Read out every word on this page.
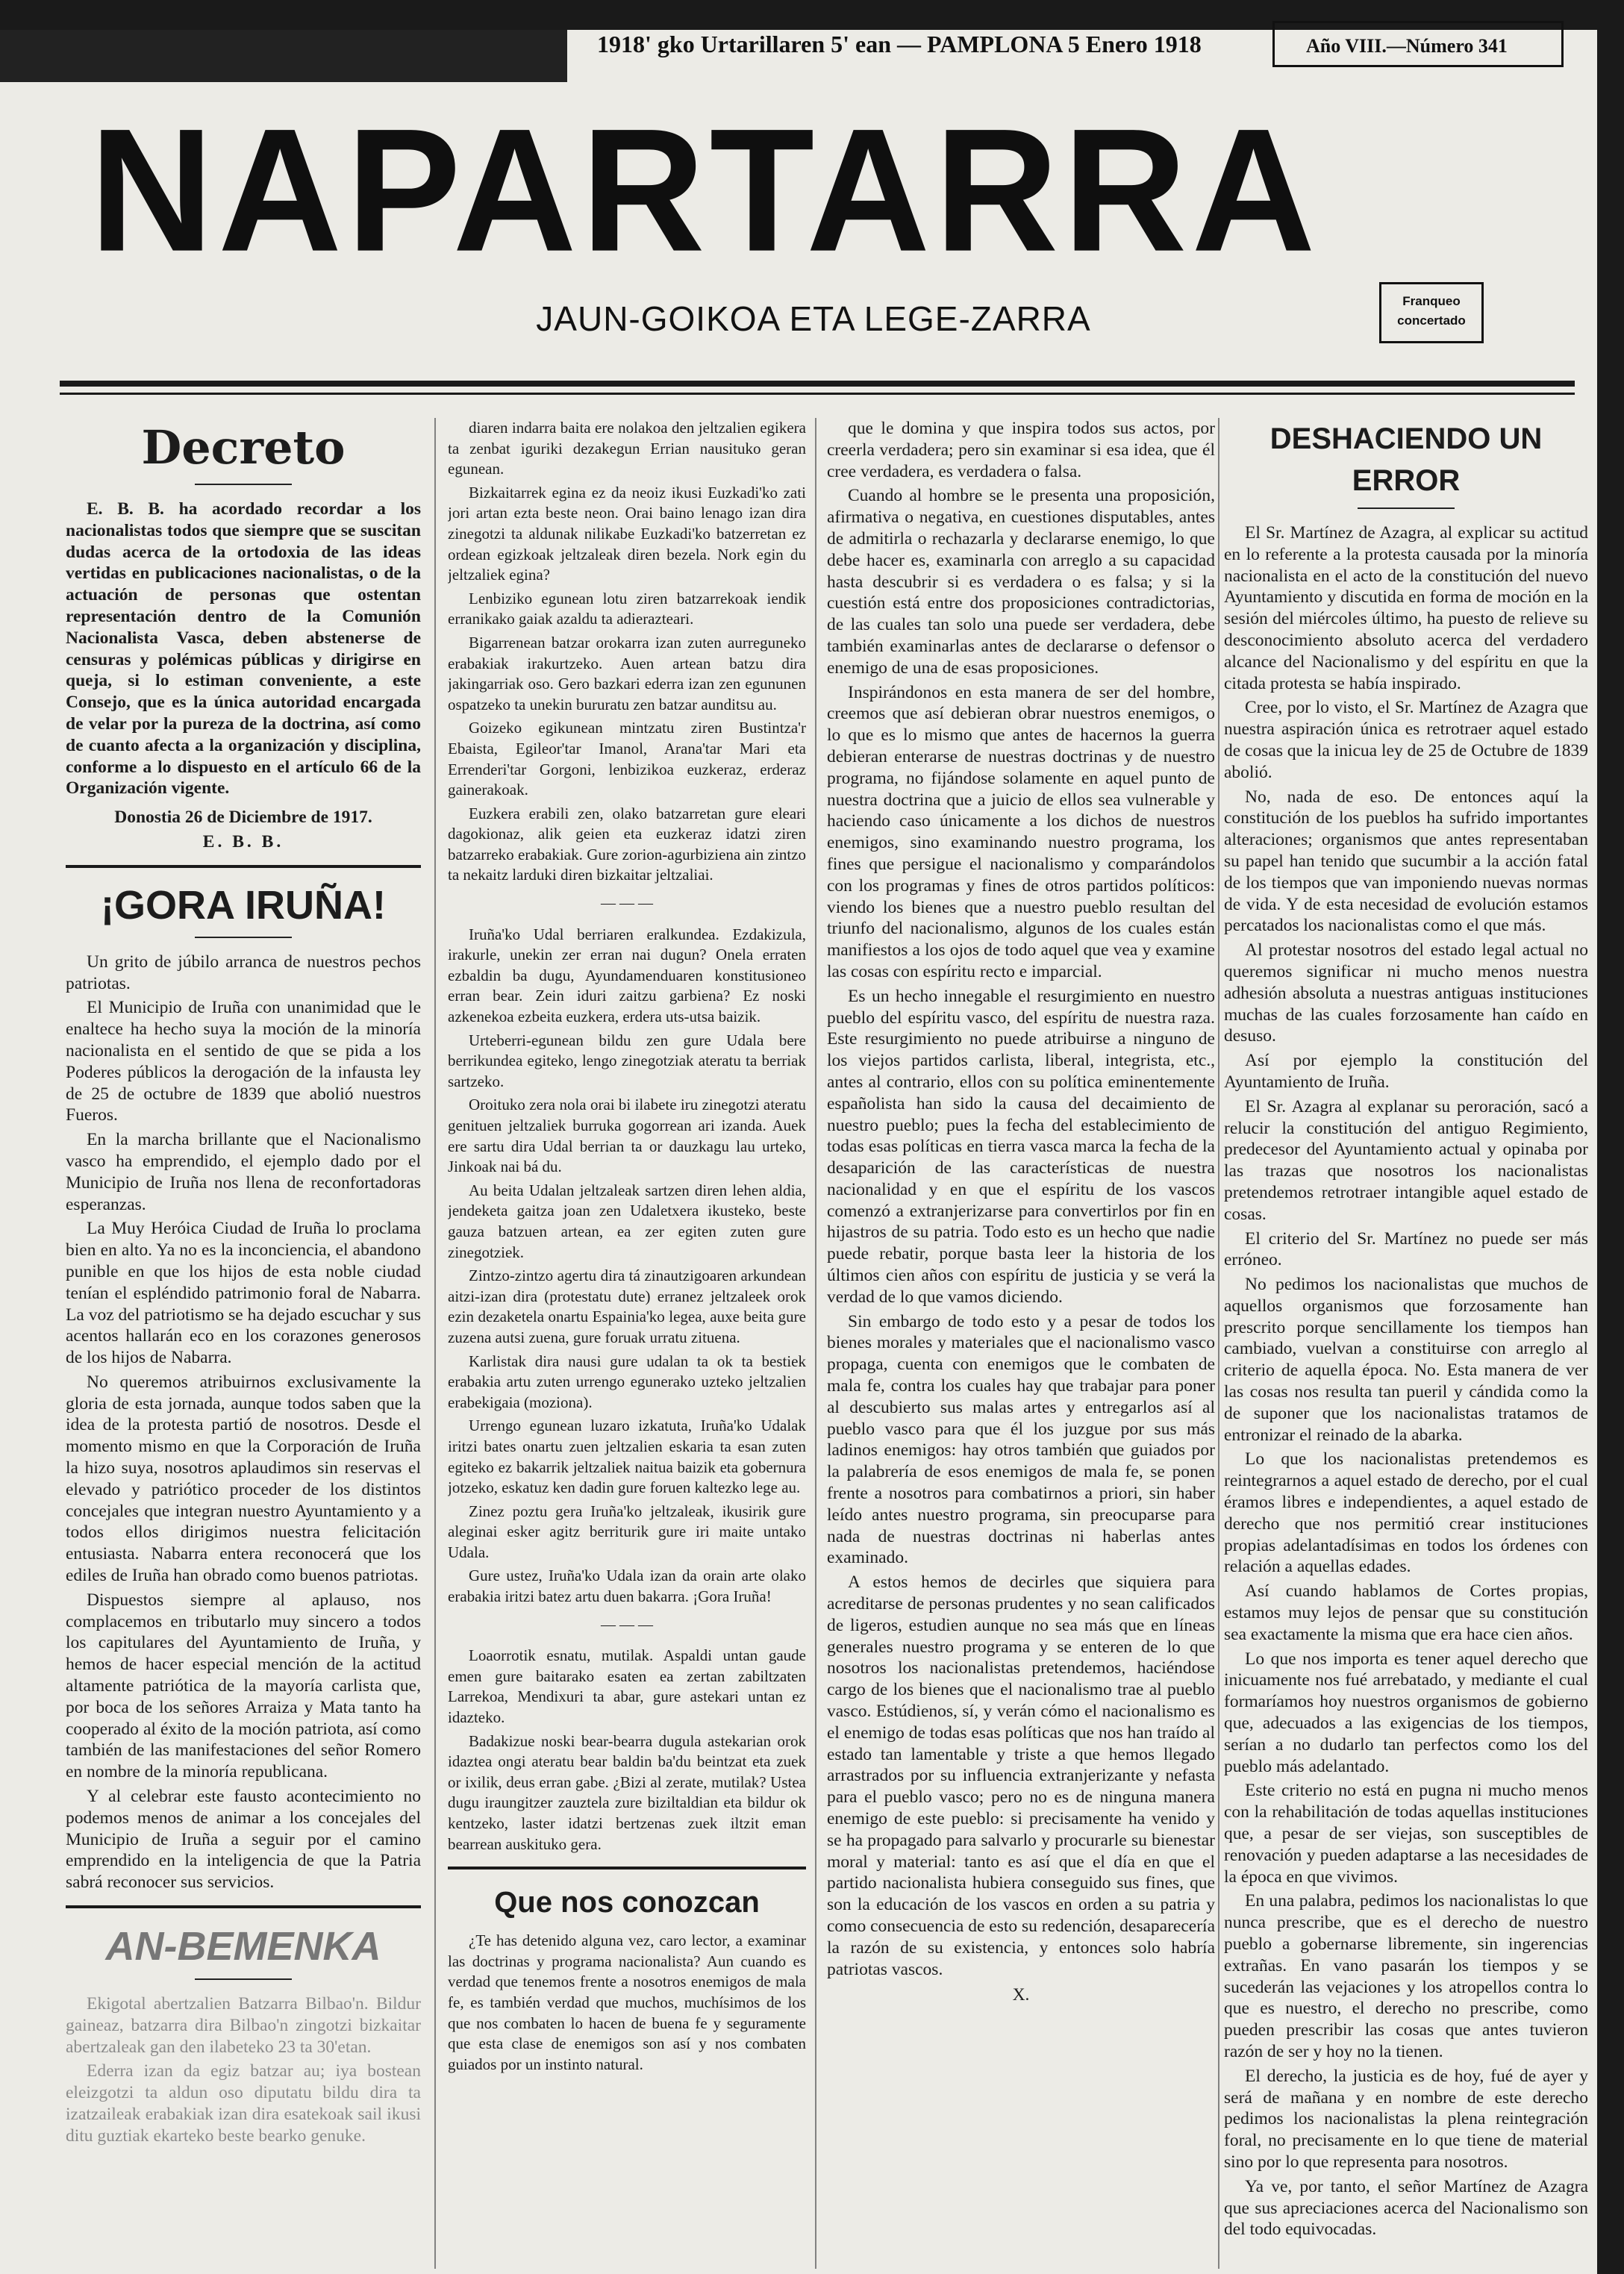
1918' gko Urtarillaren 5' ean — PAMPLONA 5 Enero 1918	Año VIII.—Número 341
NAPARTARRA
JAUN-GOIKOA ETA LEGE-ZARRA	Franqueo concertado
Decreto

E. B. B. ha acordado recordar a los nacionalistas todos que siempre que se suscitan dudas acerca de la ortodoxia de las ideas vertidas en publicaciones nacionalistas, o de la actuación de personas que ostentan representación dentro de la Comunión Nacionalista Vasca, deben abstenerse de censuras y polémicas públicas y dirigirse en queja, si lo estiman conveniente, a este Consejo, que es la única autoridad encargada de velar por la pureza de la doctrina, así como de cuanto afecta a la organización y disciplina, conforme a lo dispuesto en el artículo 66 de la Organización vigente.

Donostia 26 de Diciembre de 1917.
E. B. B.
¡GORA IRUÑA!

Un grito de júbilo arranca de nuestros pechos patriotas.

El Municipio de Iruña con unanimidad que le enaltece ha hecho suya la moción de la minoría nacionalista en el sentido de que se pida a los Poderes públicos la derogación de la infausta ley de 25 de octubre de 1839 que abolió nuestros Fueros.

En la marcha brillante que el Nacionalismo vasco ha emprendido, el ejemplo dado por el Municipio de Iruña nos llena de reconfortadoras esperanzas.

La Muy Heróica Ciudad de Iruña lo proclama bien en alto. Ya no es la inconciencia, el abandono punible en que los hijos de esta noble ciudad tenían el espléndido patrimonio foral de Nabarra. La voz del patriotismo se ha dejado escuchar y sus acentos hallarán eco en los corazones generosos de los hijos de Nabarra.

No queremos atribuirnos exclusivamente la gloria de esta jornada, aunque todos saben que la idea de la protesta partió de nosotros. Desde el momento mismo en que la Corporación de Iruña la hizo suya, nosotros aplaudimos sin reservas el elevado y patriótico proceder de los distintos concejales que integran nuestro Ayuntamiento y a todos ellos dirigimos nuestra felicitación entusiasta. Nabarra entera reconocerá que los ediles de Iruña han obrado como buenos patriotas.

Dispuestos siempre al aplauso, nos complacemos en tributarlo muy sincero a todos los capitulares del Ayuntamiento de Iruña, y hemos de hacer especial mención de la actitud altamente patriótica de la mayoría carlista que, por boca de los señores Arraiza y Mata tanto ha cooperado al éxito de la moción patriota, así como también de las manifestaciones del señor Romero en nombre de la minoría republicana.

Y al celebrar este fausto acontecimiento no podemos menos de animar a los concejales del Municipio de Iruña a seguir por el camino emprendido en la inteligencia de que la Patria sabrá reconocer sus servicios.

AN-BEMENKA

Ekigotal abertzalien Batzarra Bilbao'n. Bildur gaineaz, batzarra dira Bilbao'n zingotzi bizkaitar abertzaleak gan den ilabeteko 23 ta 30'etan.

Ederra izan da egiz batzar au; iya bostean eleizgotzi ta aldun oso diputatu bildu dira ta izatzaileak erabakiak izan dira esatekoak sail ikusi ditu guztiak ekarteko beste bearko genuke.

diaren indarra baita ere nolakoa den jeltzalien egikera ta zenbat iguriki dezakegun Errian nausituko geran egunean.

Bizkaitarrek egina ez da neoiz ikusi Euzkadi'ko zati jori artan ezta beste neon. Orai baino lenago izan dira zinegotzi ta aldunak nilikabe Euzkadi'ko batzerretan ez ordean egizkoak jeltzaleak diren bezela. Nork egin du jeltzaliek egina?

Lenbiziko egunean lotu ziren batzarrekoak iendik erranikako gaiak azaldu ta adierazteari.

Bigarrenean batzar orokarra izan zuten aurreguneko erabakiak irakurtzeko. Auen artean batzu dira jakingarriak oso. Gero bazkari ederra izan zen egununen ospatzeko ta unekin bururatu zen batzar aunditsu au.

Goizeko egikunean mintzatu ziren Bustintza'r Ebaista, Egileor'tar Imanol, Arana'tar Mari eta Errenderi'tar Gorgoni, lenbizikoa euzkeraz, erderaz gainerakoak.

Euzkera erabili zen, olako batzarretan gure eleari dagokionaz, alik geien eta euzkeraz idatzi ziren batzarreko erabakiak. Gure zorion-agurbiziena ain zintzo ta nekaitz larduki diren bizkaitar jeltzaliai.

— — —

Iruña'ko Udal berriaren eralkundea. Ezdakizula, irakurle, unekin zer erran nai dugun? Onela erraten ezbaldin ba dugu, Ayundamenduaren konstitusioneo erran bear. Zein iduri zaitzu garbiena? Ez noski azkenekoa ezbeita euzkera, erdera uts-utsa baizik.

Urteberri-egunean bildu zen gure Udala bere berrikundea egiteko, lengo zinegotziak ateratu ta berriak sartzeko.

Oroituko zera nola orai bi ilabete iru zinegotzi ateratu genituen jeltzaliek burruka gogorrean ari izanda. Auek ere sartu dira Udal berrian ta or dauzkagu lau urteko, Jinkoak nai bá du.

Au beita Udalan jeltzaleak sartzen diren lehen aldia, jendeketa gaitza joan zen Udaletxera ikusteko, beste gauza batzuen artean, ea zer egiten zuten gure zinegotziek.

Zintzo-zintzo agertu dira tá zinautzigoaren arkundean aitzi-izan dira (protestatu dute) erranez jeltzaleek orok ezin dezaketela onartu Espainia'ko legea, auxe beita gure zuzena autsi zuena, gure foruak urratu zituena.

Karlistak dira nausi gure udalan ta ok ta bestiek erabakia artu zuten urrengo egunerako uzteko jeltzalien erabekigaia (moziona).

Urrengo egunean luzaro izkatuta, Iruña'ko Udalak iritzi bates onartu zuen jeltzalien eskaria ta esan zuten egiteko ez bakarrik jeltzaliek naitua baizik eta gobernura jotzeko, eskatuz ken dadin gure foruen kaltezko lege au.

Zinez poztu gera Iruña'ko jeltzaleak, ikusirik gure aleginai esker agitz berriturik gure iri maite untako Udala.

Gure ustez, Iruña'ko Udala izan da orain arte olako erabakia iritzi batez artu duen bakarra. ¡Gora Iruña!

— — —

Loaorrotik esnatu, mutilak. Aspaldi untan gaude emen gure baitarako esaten ea zertan zabiltzaten Larrekoa, Mendixuri ta abar, gure astekari untan ez idazteko.

Badakizue noski bear-bearra dugula astekarian orok idaztea ongi ateratu bear baldin ba'du beintzat eta zuek or ixilik, deus erran gabe. ¿Bizi al zerate, mutilak? Ustea dugu iraungitzer zauztela zure biziltaldian eta bildur ok kentzeko, laster idatzi bertzenas zuek iltzit eman bearrean auskituko gera.

Que nos conozcan

¿Te has detenido alguna vez, caro lector, a examinar las doctrinas y programa nacionalista? Aun cuando es verdad que tenemos frente a nosotros enemigos de mala fe, es también verdad que muchos, muchísimos de los que nos combaten lo hacen de buena fe y seguramente que esta clase de enemigos son así y nos combaten guiados por un instinto natural.

que le domina y que inspira todos sus actos, por creerla verdadera; pero sin examinar si esa idea, que él cree verdadera, es verdadera o falsa.

Cuando al hombre se le presenta una proposición, afirmativa o negativa, en cuestiones disputables, antes de admitirla o rechazarla y declararse enemigo, lo que debe hacer es, examinarla con arreglo a su capacidad hasta descubrir si es verdadera o es falsa; y si la cuestión está entre dos proposiciones contradictorias, de las cuales tan solo una puede ser verdadera, debe también examinarlas antes de declararse o defensor o enemigo de una de esas proposiciones.

Inspirándonos en esta manera de ser del hombre, creemos que así debieran obrar nuestros enemigos, o lo que es lo mismo que antes de hacernos la guerra debieran enterarse de nuestras doctrinas y de nuestro programa, no fijándose solamente en aquel punto de nuestra doctrina que a juicio de ellos sea vulnerable y haciendo caso únicamente a los dichos de nuestros enemigos, sino examinando nuestro programa, los fines que persigue el nacionalismo y comparándolos con los programas y fines de otros partidos políticos: viendo los bienes que a nuestro pueblo resultan del triunfo del nacionalismo, algunos de los cuales están manifiestos a los ojos de todo aquel que vea y examine las cosas con espíritu recto e imparcial.

Es un hecho innegable el resurgimiento en nuestro pueblo del espíritu vasco, del espíritu de nuestra raza. Este resurgimiento no puede atribuirse a ninguno de los viejos partidos carlista, liberal, integrista, etc., antes al contrario, ellos con su política eminentemente españolista han sido la causa del decaimiento de nuestro pueblo; pues la fecha del establecimiento de todas esas políticas en tierra vasca marca la fecha de la desaparición de las características de nuestra nacionalidad y en que el espíritu de los vascos comenzó a extranjerizarse para convertirlos por fin en hijastros de su patria. Todo esto es un hecho que nadie puede rebatir, porque basta leer la historia de los últimos cien años con espíritu de justicia y se verá la verdad de lo que vamos diciendo.

Sin embargo de todo esto y a pesar de todos los bienes morales y materiales que el nacionalismo vasco propaga, cuenta con enemigos que le combaten de mala fe, contra los cuales hay que trabajar para poner al descubierto sus malas artes y entregarlos así al pueblo vasco para que él los juzgue por sus más ladinos enemigos: hay otros también que guiados por la palabrería de esos enemigos de mala fe, se ponen frente a nosotros para combatirnos a priori, sin haber leído antes nuestro programa, sin preocuparse para nada de nuestras doctrinas ni haberlas antes examinado.

A estos hemos de decirles que siquiera para acreditarse de personas prudentes y no sean calificados de ligeros, estudien aunque no sea más que en líneas generales nuestro programa y se enteren de lo que nosotros los nacionalistas pretendemos, haciéndose cargo de los bienes que el nacionalismo trae al pueblo vasco. Estúdienos, sí, y verán cómo el nacionalismo es el enemigo de todas esas políticas que nos han traído al estado tan lamentable y triste a que hemos llegado arrastrados por su influencia extranjerizante y nefasta para el pueblo vasco; pero no es de ninguna manera enemigo de este pueblo: si precisamente ha venido y se ha propagado para salvarlo y procurarle su bienestar moral y material: tanto es así que el día en que el partido nacionalista hubiera conseguido sus fines, que son la educación de los vascos en orden a su patria y como consecuencia de esto su redención, desaparecería la razón de su existencia, y entonces solo habría patriotas vascos.

X.
DESHACIENDO UN ERROR

El Sr. Martínez de Azagra, al explicar su actitud en lo referente a la protesta causada por la minoría nacionalista en el acto de la constitución del nuevo Ayuntamiento y discutida en forma de moción en la sesión del miércoles último, ha puesto de relieve su desconocimiento absoluto acerca del verdadero alcance del Nacionalismo y del espíritu en que la citada protesta se había inspirado.

Cree, por lo visto, el Sr. Martínez de Azagra que nuestra aspiración única es retrotraer aquel estado de cosas que la inicua ley de 25 de Octubre de 1839 abolió.

No, nada de eso. De entonces aquí la constitución de los pueblos ha sufrido importantes alteraciones; organismos que antes representaban su papel han tenido que sucumbir a la acción fatal de los tiempos que van imponiendo nuevas normas de vida. Y de esta necesidad de evolución estamos percatados los nacionalistas como el que más.

Al protestar nosotros del estado legal actual no queremos significar ni mucho menos nuestra adhesión absoluta a nuestras antiguas instituciones muchas de las cuales forzosamente han caído en desuso.

Así por ejemplo la constitución del Ayuntamiento de Iruña.

El Sr. Azagra al explanar su peroración, sacó a relucir la constitución del antiguo Regimiento, predecesor del Ayuntamiento actual y opinaba por las trazas que nosotros los nacionalistas pretendemos retrotraer intangible aquel estado de cosas.

El criterio del Sr. Martínez no puede ser más erróneo.

No pedimos los nacionalistas que muchos de aquellos organismos que forzosamente han prescrito porque sencillamente los tiempos han cambiado, vuelvan a constituirse con arreglo al criterio de aquella época. No. Esta manera de ver las cosas nos resulta tan pueril y cándida como la de suponer que los nacionalistas tratamos de entronizar el reinado de la abarka.

Lo que los nacionalistas pretendemos es reintegrarnos a aquel estado de derecho, por el cual éramos libres e independientes, a aquel estado de derecho que nos permitió crear instituciones propias adelantadísimas en todos los órdenes con relación a aquellas edades.

Así cuando hablamos de Cortes propias, estamos muy lejos de pensar que su constitución sea exactamente la misma que era hace cien años.

Lo que nos importa es tener aquel derecho que inicuamente nos fué arrebatado, y mediante el cual formaríamos hoy nuestros organismos de gobierno que, adecuados a las exigencias de los tiempos, serían a no dudarlo tan perfectos como los del pueblo más adelantado.

Este criterio no está en pugna ni mucho menos con la rehabilitación de todas aquellas instituciones que, a pesar de ser viejas, son susceptibles de renovación y pueden adaptarse a las necesidades de la época en que vivimos.

En una palabra, pedimos los nacionalistas lo que nunca prescribe, que es el derecho de nuestro pueblo a gobernarse libremente, sin ingerencias extrañas. En vano pasarán los tiempos y se sucederán las vejaciones y los atropellos contra lo que es nuestro, el derecho no prescribe, como pueden prescribir las cosas que antes tuvieron razón de ser y hoy no la tienen.

El derecho, la justicia es de hoy, fué de ayer y será de mañana y en nombre de este derecho pedimos los nacionalistas la plena reintegración foral, no precisamente en lo que tiene de material sino por lo que representa para nosotros.

Ya ve, por tanto, el señor Martínez de Azagra que sus apreciaciones acerca del Nacionalismo son del todo equivocadas.
